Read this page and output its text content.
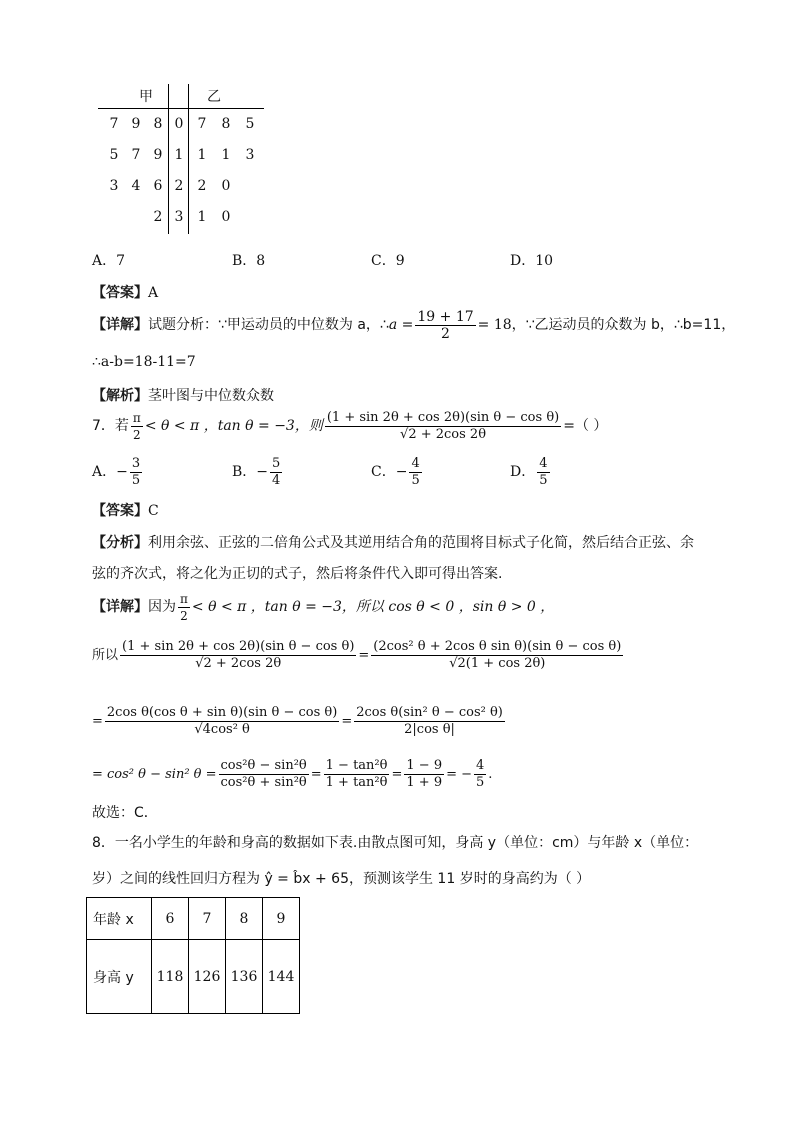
甲	乙
7 9 8 0	7	8	5
5 7 9 1	1	1	3
3 4 6 2	2	0
2 3	1	0
A．7	B．8	C．9	D．10
【答案】A
【详解】试题分析：∵甲运动员的中位数为 a，∴a = $\frac{19 + 17}{2} = 18$，∵乙运动员的众数为 b，∴b=11，
∴a-b=18-11=7
【解析】茎叶图与中位数众数
7．若 $\frac{\pi}{2} < \theta < \pi$ ，tan θ = −3，则 $\frac{\text{(1 + sin 2θ + cos 2θ)(sin θ − cos θ)}}{√2 + 2\cos 2\theta}$ =（ ）
A．− $\frac{3}{5}$	B．− $\frac{5}{4}$	C．− $\frac{4}{5}$	D． $\frac{4}{5}$
【答案】C
【分析】利用余弦、正弦的二倍角公式及其逆用结合角的范围将目标式子化简，然后结合正弦、余
弦的齐次式，将之化为正切的式子，然后将条件代入即可得出答案.
【详解】因为 $\frac{\pi}{2} < \theta < \pi$ ，tan θ = −3，所以 cos θ < 0 ，sin θ > 0 ，
所以 $\frac{\text{(1 + sin 2θ + cos 2θ)(sin θ − cos θ)}}{√2 + 2\cos 2\theta} = \frac{\text{(2cos² θ + 2cos θ sin θ)(sin θ − cos θ)}}{√2(1 + \cos 2\theta)}$
= $\frac{\text{2cos θ(cos θ + sin θ)(sin θ − cos θ)}}{\text{√4cos² θ}} = \frac{\text{2cos θ(sin² θ − cos² θ)}}{\text{2|cos θ|}}$
= cos² θ − sin² $\theta = \frac{\text{cos²θ − sin²θ}}{\text{cos²θ + sin²θ}} = \frac{\text{1 − tan²θ}}{\text{1 + tan²θ}} = \frac{1 - 9}{1 + 9}$ = − $\frac{4}{5}$ .
故选：C．
8．一名小学生的年龄和身高的数据如下表.由散点图可知，身高 y（单位：cm）与年龄 x（单位：
岁）之间的线性回归方程为 ŷ = b̂x + 65，预测该学生 11 岁时的身高约为（ ）
年龄 x	6	7	8	9
身高 y	118	126	136	144
